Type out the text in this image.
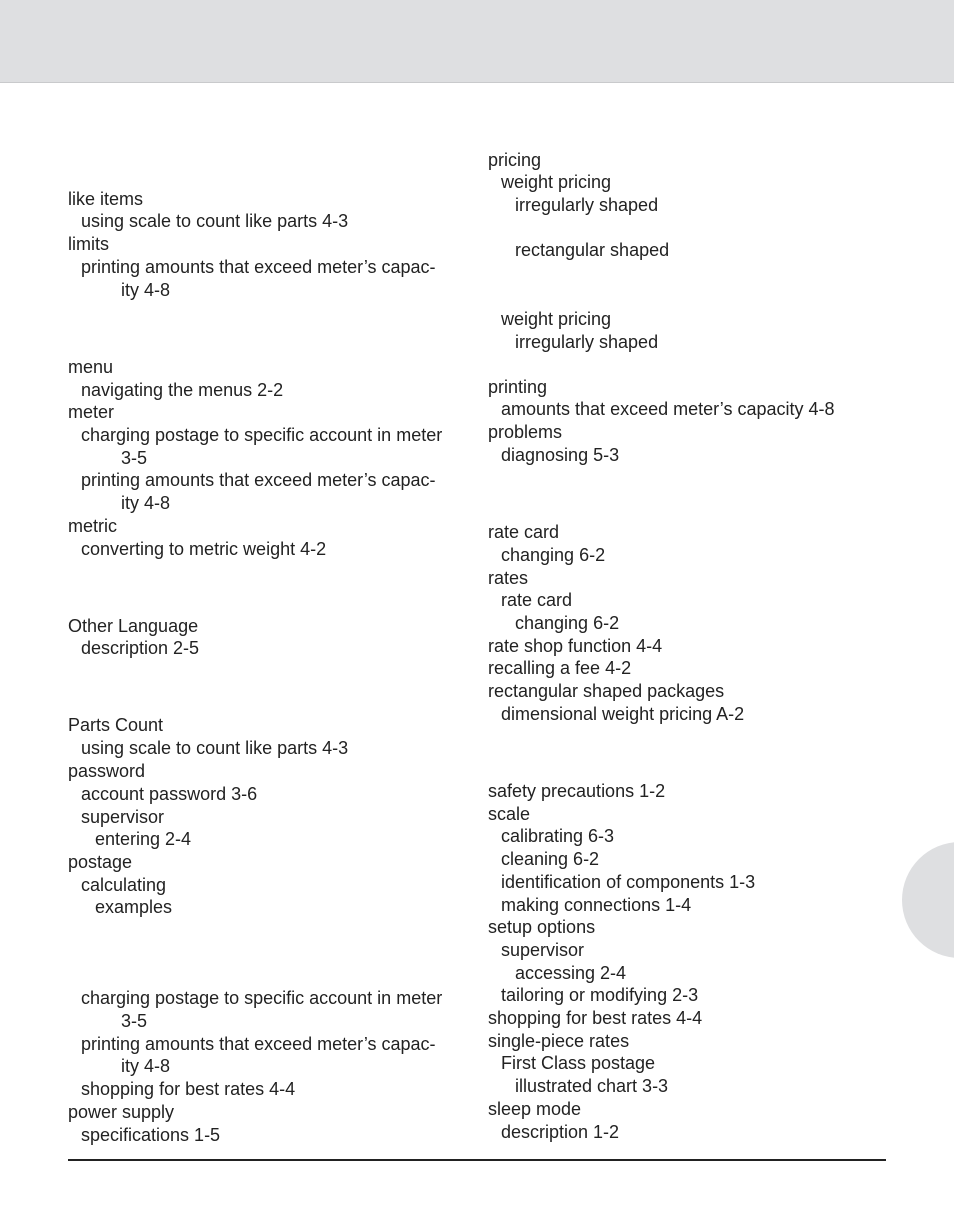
like items
using scale to count like parts 4-3
limits
printing amounts that exceed meter’s capac-
ity 4-8
menu
navigating the menus 2-2
meter
charging postage to specific account in meter
3-5
printing amounts that exceed meter’s capac-
ity 4-8
metric
converting to metric weight 4-2
Other Language
description 2-5
Parts Count
using scale to count like parts 4-3
password
account password 3-6
supervisor
entering 2-4
postage
calculating
examples
charging postage to specific account in meter
3-5
printing amounts that exceed meter’s capac-
ity 4-8
shopping for best rates 4-4
power supply
specifications 1-5
pricing
weight pricing
irregularly shaped
rectangular shaped
weight pricing
irregularly shaped
printing
amounts that exceed meter’s capacity 4-8
problems
diagnosing 5-3
rate card
changing 6-2
rates
rate card
changing 6-2
rate shop function 4-4
recalling a fee 4-2
rectangular shaped packages
dimensional weight pricing A-2
safety precautions 1-2
scale
calibrating 6-3
cleaning 6-2
identification of components 1-3
making connections 1-4
setup options
supervisor
accessing 2-4
tailoring or modifying 2-3
shopping for best rates 4-4
single-piece rates
First Class postage
illustrated chart 3-3
sleep mode
description 1-2
